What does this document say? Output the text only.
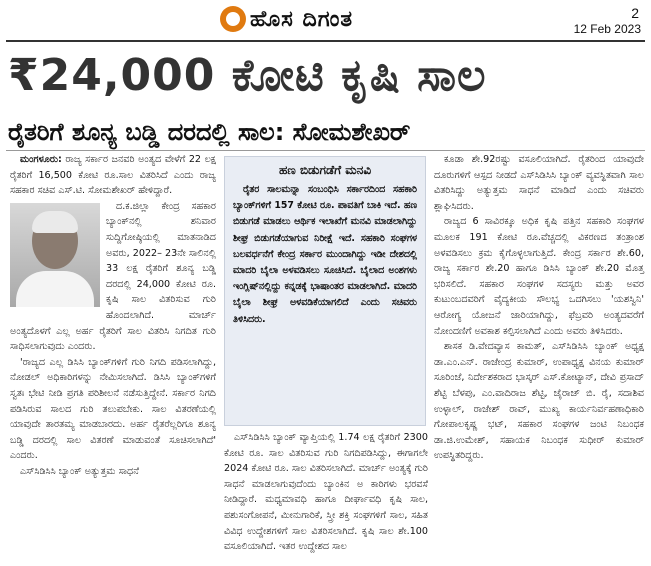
ಹೊಸ ದಿಗಂತ	2
12 Feb 2023
₹24,000 ಕೋಟಿ ಕೃಷಿ ಸಾಲ
ರೈತರಿಗೆ ಶೂನ್ಯ ಬಡ್ಡಿ ದರದಲ್ಲಿ ಸಾಲ: ಸೋಮಶೇಖರ್

ಮಂಗಳೂರು: ರಾಜ್ಯ ಸರ್ಕಾರ ಜನವರಿ ಅಂತ್ಯದ ವೇಳೆಗೆ 22 ಲಕ್ಷ ರೈತರಿಗೆ 16,500 ಕೋಟಿ ರೂ.ಸಾಲ ವಿತರಿಸಿದೆ ಎಂದು ರಾಜ್ಯ ಸಹಕಾರ ಸಚಿವ ಎಸ್.ಟಿ. ಸೋಮಶೇಖರ್ ಹೇಳಿದ್ದಾರೆ.

ದ.ಕ.ಜಿಲ್ಲಾ ಕೇಂದ್ರ ಸಹಕಾರ ಬ್ಯಾಂಕ್‌ನಲ್ಲಿ ಶನಿವಾರ ಸುದ್ದಿಗೋಷ್ಠಿಯಲ್ಲಿ ಮಾತನಾಡಿದ ಅವರು, 2022– 23ನೇ ಸಾಲಿನಲ್ಲಿ 33 ಲಕ್ಷ ರೈತರಿಗೆ ಶೂನ್ಯ ಬಡ್ಡಿ ದರದಲ್ಲಿ 24,000 ಕೋಟಿ ರೂ. ಕೃಷಿ ಸಾಲ ವಿತರಿಸುವ ಗುರಿ ಹೊಂದಲಾಗಿದೆ. ಮಾರ್ಚ್ ಅಂತ್ಯದೊಳಗೆ ಎಲ್ಲ ಅರ್ಹ ರೈತರಿಗೆ ಸಾಲ ವಿತರಿಸಿ ನಿಗದಿತ ಗುರಿ ಸಾಧಿಸಲಾಗುವುದು ಎಂದರು.

'ರಾಜ್ಯದ ಎಲ್ಲ ಡಿಸಿಸಿ ಬ್ಯಾಂಕ್‌ಗಳಿಗೆ ಗುರಿ ನಿಗದಿ ಪಡಿಸಲಾಗಿದ್ದು, ನೋಡಲ್ ಅಧಿಕಾರಿಗಳನ್ನು ನೇಮಿಸಲಾಗಿದೆ. ಡಿಸಿಸಿ ಬ್ಯಾಂಕ್‌ಗಳಿಗೆ ಸ್ವತಃ ಭೇಟಿ ನೀಡಿ ಪ್ರಗತಿ ಪರಿಶೀಲನೆ ನಡೆಸುತ್ತಿದ್ದೇನೆ. ಸರ್ಕಾರ ನಿಗದಿ ಪಡಿಸಿರುವ ಸಾಲದ ಗುರಿ ತಲುಪಬೇಕು. ಸಾಲ ವಿತರಣೆಯಲ್ಲಿ ಯಾವುದೇ ತಾರತಮ್ಯ ಮಾಡಬಾರದು. ಅರ್ಹ ರೈತರೆಲ್ಲರಿಗೂ ಶೂನ್ಯ ಬಡ್ಡಿ ದರದಲ್ಲಿ ಸಾಲ ವಿತರಣೆ ಮಾಡುವಂತೆ ಸೂಚಿಸಲಾಗಿದೆ' ಎಂದರು.

ಎಸ್‌ಸಿಡಿಸಿಸಿ ಬ್ಯಾಂಕ್ ಅತ್ಯುತ್ತಮ ಸಾಧನೆ

ಹಣ ಬಿಡುಗಡೆಗೆ ಮನವಿ

ರೈತರ ಸಾಲಮನ್ನಾ ಸಂಬಂಧಿಸಿ ಸರ್ಕಾರದಿಂದ ಸಹಕಾರಿ ಬ್ಯಾಂಕ್‌ಗಳಿಗೆ 157 ಕೋಟಿ ರೂ. ಪಾವತಿಗೆ ಬಾಕಿ ಇದೆ. ಹಣ ಬಿಡುಗಡೆ ಮಾಡಲು ಆರ್ಥಿಕ ಇಲಾಖೆಗೆ ಮನವಿ ಮಾಡಲಾಗಿದ್ದು ಶೀಘ್ರ ಬಿಡುಗಡೆಯಾಗುವ ನಿರೀಕ್ಷೆ ಇದೆ. ಸಹಕಾರಿ ಸಂಘಗಳ ಬಲವರ್ಧನೆಗೆ ಕೇಂದ್ರ ಸರ್ಕಾರ ಮುಂದಾಗಿದ್ದು ಇಡೀ ದೇಶದಲ್ಲಿ ಮಾದರಿ ಬೈಲಾ ಅಳವಡಿಸಲು ಸೂಚಿಸಿದೆ. ಬೈಲಾದ ಅಂಶಗಳು ಇಂಗ್ಲಿಷ್‌ನಲ್ಲಿದ್ದು ಕನ್ನಡಕ್ಕೆ ಭಾಷಾಂತರ ಮಾಡಲಾಗಿದೆ. ಮಾದರಿ ಬೈಲಾ ಶೀಘ್ರ ಅಳವಡಿಕೆಯಾಗಲಿದೆ ಎಂದು ಸಚಿವರು ತಿಳಿಸಿದರು.

ಎಸ್‌ಸಿಡಿಸಿಸಿ ಬ್ಯಾಂಕ್ ವ್ಯಾಪ್ತಿಯಲ್ಲಿ 1.74 ಲಕ್ಷ ರೈತರಿಗೆ 2300 ಕೋಟಿ ರೂ. ಸಾಲ ವಿತರಿಸುವ ಗುರಿ ನಿಗದಿಪಡಿಸಿದ್ದು, ಈಗಾಗಲೇ 2024 ಕೋಟಿ ರೂ. ಸಾಲ ವಿತರಿಸಲಾಗಿದೆ. ಮಾರ್ಚ್ ಅಂತ್ಯಕ್ಕೆ ಗುರಿ ಸಾಧನೆ ಮಾಡಲಾಗುವುದೆಂದು ಬ್ಯಾಂಕಿನ ಅ ಕಾರಿಗಳು ಭರವಸೆ ನೀಡಿದ್ದಾರೆ. ಮಧ್ಯಮಾವಧಿ ಹಾಗೂ ದೀರ್ಘಾವಧಿ ಕೃಷಿ ಸಾಲ, ಪಶುಸಂಗೋಪನೆ, ಮೀನುಗಾರಿಕೆ, ಸ್ತ್ರೀ ಶಕ್ತಿ ಸಂಘಗಳಿಗೆ ಸಾಲ, ಸಹಿತ ವಿವಿಧ ಉದ್ದೇಶಗಳಿಗೆ ಸಾಲ ವಿತರಿಸಲಾಗಿದೆ. ಕೃಷಿ ಸಾಲ ಶೇ.100 ವಸೂಲಿಯಾಗಿದೆ. ಇತರ ಉದ್ದೇಶದ ಸಾಲ

ಕೂಡಾ ಶೇ.92ರಷ್ಟು ವಸೂಲಿಯಾಗಿದೆ. ರೈತರಿಂದ ಯಾವುದೇ ದೂರುಗಳಿಗೆ ಆಸ್ಪದ ನೀಡದೆ ಎಸ್‌ಸಿಡಿಸಿಸಿ ಬ್ಯಾಂಕ್ ವ್ಯವಸ್ಥಿತವಾಗಿ ಸಾಲ ವಿತರಿಸಿದ್ದು ಅತ್ಯುತ್ತಮ ಸಾಧನೆ ಮಾಡಿದೆ ಎಂದು ಸಚಿವರು ಶ್ಲಾಘಿಸಿದರು.

ರಾಜ್ಯದ 6 ಸಾವಿರಕ್ಕೂ ಅಧಿಕ ಕೃಷಿ ಪತ್ತಿನ ಸಹಕಾರಿ ಸಂಘಗಳ ಮೂಲಕ 191 ಕೋಟಿ ರೂ.ವೆಚ್ಚದಲ್ಲಿ ವಿಕರಣದ ತಂತ್ರಾಂಶ ಅಳವಡಿಸಲು ಕ್ರಮ ಕೈಗೊಳ್ಳಲಾಗುತ್ತಿದೆ. ಕೇಂದ್ರ ಸರ್ಕಾರ ಶೇ.60, ರಾಜ್ಯ ಸರ್ಕಾರ ಶೇ.20 ಹಾಗೂ ಡಿಸಿಸಿ ಬ್ಯಾಂಕ್ ಶೇ.20 ಮೊತ್ತ ಭರಿಸಲಿದೆ. ಸಹಕಾರ ಸಂಘಗಳ ಸದಸ್ಯರು ಮತ್ತು ಅವರ ಕುಟುಂಬದವರಿಗೆ ವೈದ್ಯಕೀಯ ಸೌಲಭ್ಯ ಒದಗಿಸಲು 'ಯಶಸ್ವಿನಿ' ಆರೋಗ್ಯ ಯೋಜನೆ ಜಾರಿಯಾಗಿದ್ದು, ಫೆಬ್ರವರಿ ಅಂತ್ಯದವರೆಗೆ ನೋಂದಣಿಗೆ ಅವಕಾಶ ಕಲ್ಪಿಸಲಾಗಿದೆ ಎಂದು ಅವರು ತಿಳಿಸಿದರು.

ಶಾಸಕ ಡಿ.ವೇದವ್ಯಾಸ ಕಾಮತ್, ಎಸ್‌ಸಿಡಿಸಿಸಿ ಬ್ಯಾಂಕ್ ಅಧ್ಯಕ್ಷ ಡಾ.ಎಂ.ಎನ್. ರಾಜೇಂದ್ರ ಕುಮಾರ್, ಉಪಾಧ್ಯಕ್ಷ ವಿನಯ ಕುಮಾರ್ ಸೂರಿಂಜೆ, ನಿರ್ದೇಶಕರಾದ ಭಾಸ್ಕರ್ ಎಸ್.ಕೋಟ್ಯಾನ್, ದೇವಿ ಪ್ರಸಾದ್ ಶೆಟ್ಟಿ ಬೆಳಪು, ಎಂ.ವಾದಿರಾಜ ಶೆಟ್ಟಿ, ಜೈರಾಜ್ ಬಿ. ರೈ, ಸದಾಶಿವ ಉಳ್ಳಾಲ್, ರಾಜೇಶ್ ರಾವ್, ಮುಖ್ಯ ಕಾರ್ಯನಿರ್ವಹಣಾಧಿಕಾರಿ ಗೋಪಾಲಕೃಷ್ಣ ಭಟ್, ಸಹಕಾರ ಸಂಘಗಳ ಜಂಟಿ ನಿಬಂಧಕ ಡಾ.ಜಿ.ಉಮೇಶ್, ಸಹಾಯಕ ನಿಬಂಧಕ ಸುಧೀರ್ ಕುಮಾರ್ ಉಪಸ್ಥಿತರಿದ್ದರು.
